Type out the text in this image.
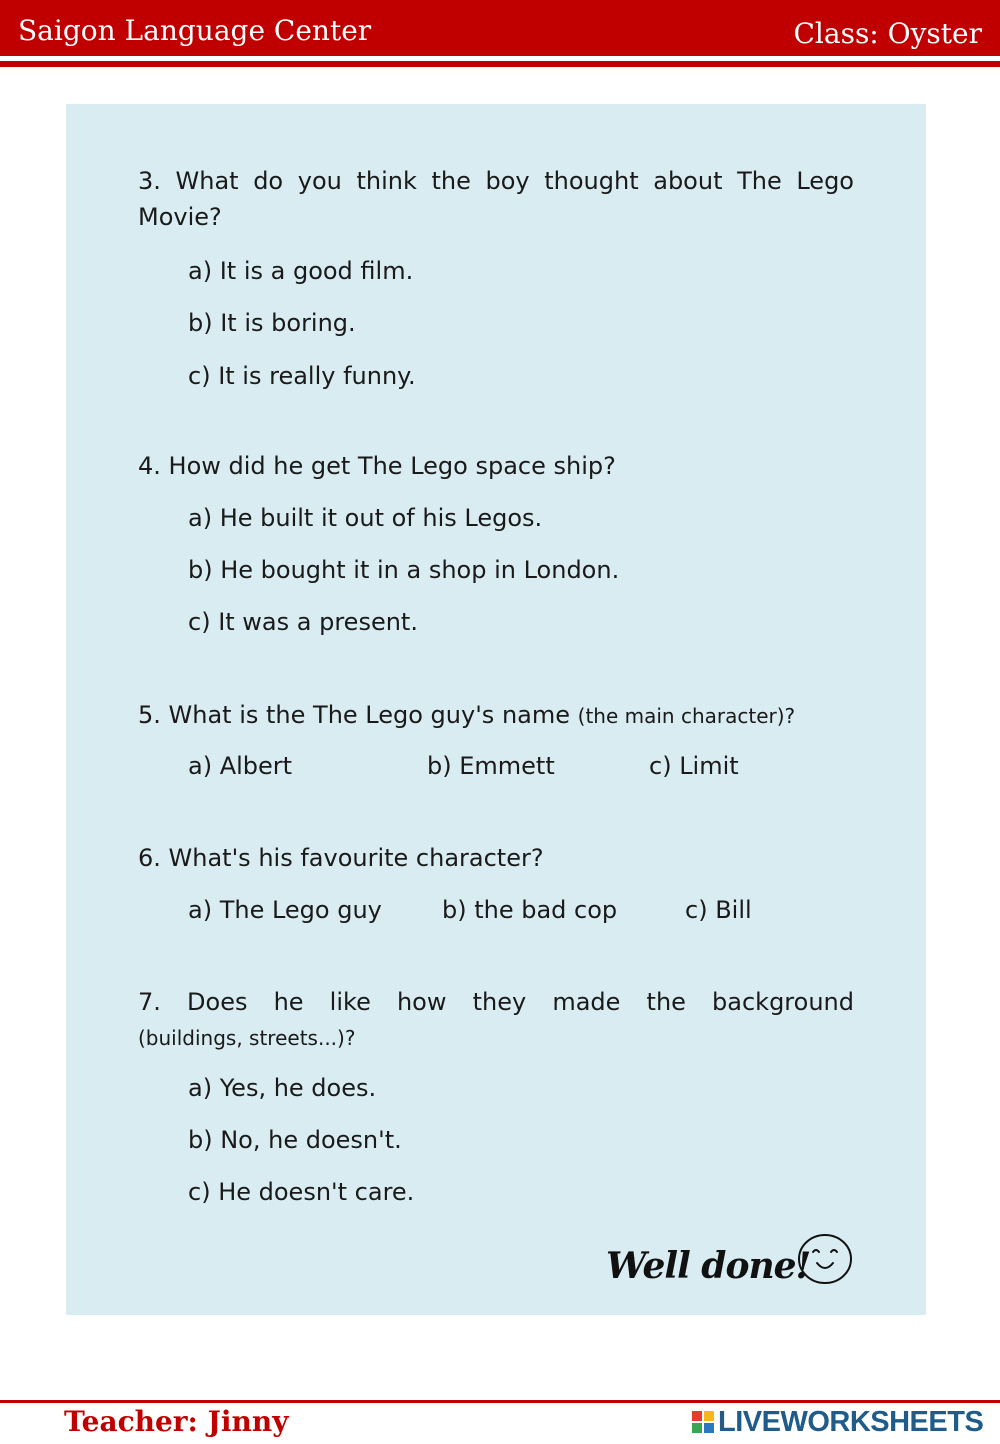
Saigon Language Center	Class: Oyster
3. What do you think the boy thought about The Lego
Movie?
a) It is a good film.
b) It is boring.
c) It is really funny.
4. How did he get The Lego space ship?
a) He built it out of his Legos.
b) He bought it in a shop in London.
c) It was a present.
5. What is the The Lego guy's name (the main character)?
a) Albert	b) Emmett	c) Limit
6. What's his favourite character?
a) The Lego guy	b) the bad cop	c) Bill
7. Does he like how they made the background
(buildings, streets...)?
a) Yes, he does.
b) No, he doesn't.
c) He doesn't care.
Well done!
Teacher: Jinny	LIVEWORKSHEETS
